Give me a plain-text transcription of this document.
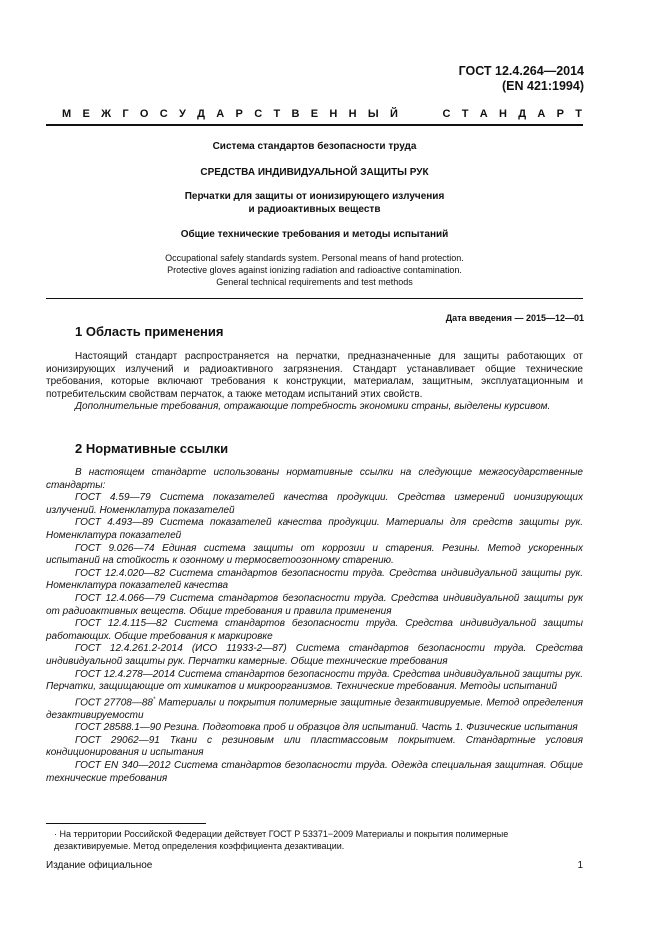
ГОСТ 12.4.264—2014
(EN 421:1994)
М Е Ж Г О С У Д А Р С Т В Е Н Н Ы Й	С Т А Н Д А Р Т
Система стандартов безопасности труда
СРЕДСТВА ИНДИВИДУАЛЬНОЙ ЗАЩИТЫ РУК
Перчатки для защиты от ионизирующего излучения
и радиоактивных веществ
Общие технические требования и методы испытаний
Occupational safely standards system. Personal means of hand protection.
Protective gloves against ionizing radiation and radioactive contamination.
General technical requirements and test methods
Дата введения — 2015—12—01
1 Область применения

Настоящий стандарт распространяется на перчатки, предназначенные для защиты работающих от ионизирующих излучений и радиоактивного загрязнения. Стандарт устанавливает общие технические требования, которые включают требования к конструкции, материалам, защитным, эксплуатационным и потребительским свойствам перчаток, а также методам испытаний этих свойств.

Дополнительные требования, отражающие потребность экономики страны, выделены курсивом.

2 Нормативные ссылки

В настоящем стандарте использованы нормативные ссылки на следующие межгосударственные стандарты:

ГОСТ 4.59—79 Система показателей качества продукции. Средства измерений ионизирующих излучений. Номенклатура показателей

ГОСТ 4.493—89 Система показателей качества продукции. Материалы для средств защиты рук. Номенклатура показателей

ГОСТ 9.026—74 Единая система защиты от коррозии и старения. Резины. Метод ускоренных испытаний на стойкость к озонному и термосветоозонному старению.

ГОСТ 12.4.020—82 Система стандартов безопасности труда. Средства индивидуальной защиты рук. Номенклатура показателей качества

ГОСТ 12.4.066—79 Система стандартов безопасности труда. Средства индивидуальной защиты рук от радиоактивных веществ. Общие требования и правила применения

ГОСТ 12.4.115—82 Система стандартов безопасности труда. Средства индивидуальной защиты работающих. Общие требования к маркировке

ГОСТ 12.4.261.2-2014 (ИСО 11933-2—87) Система стандартов безопасности труда. Средства индивидуальной защиты рук. Перчатки камерные. Общие технические требования

ГОСТ 12.4.278—2014 Система стандартов безопасности труда. Средства индивидуальной защиты рук. Перчатки, защищающие от химикатов и микроорганизмов. Технические требования. Методы испытаний

ГОСТ 27708—88* Материалы и покрытия полимерные защитные дезактивируемые. Метод определения дезактивируемости

ГОСТ 28588.1—90 Резина. Подготовка проб и образцов для испытаний. Часть 1. Физические испытания

ГОСТ 29062—91 Ткани с резиновым или пластмассовым покрытием. Стандартные условия кондиционирования и испытания

ГОСТ EN 340—2012 Система стандартов безопасности труда. Одежда специальная защитная. Общие технические требования

· На территории Российской Федерации действует ГОСТ Р 53371−2009 Материалы и покрытия полимерные дезактивируемые. Метод определения коэффициента дезактивации.
Издание официальное	1
